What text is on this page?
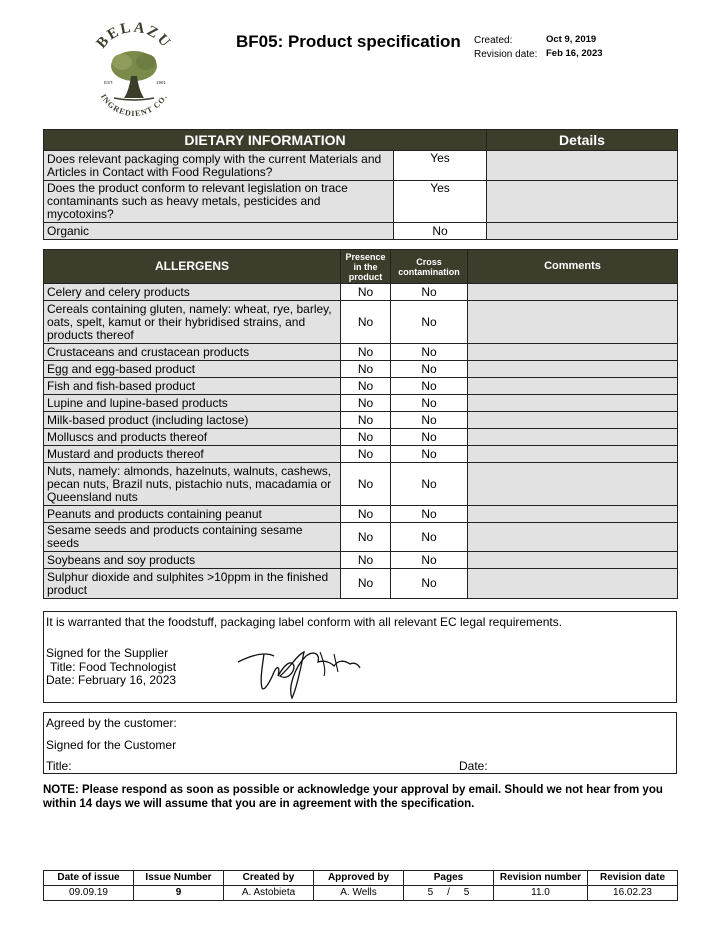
BELAZU
INGREDIENT CO.
EST.	1991
BF05: Product specification Created:	Oct 9, 2019
Revision date: Feb 16, 2023
DIETARY INFORMATION		Details
Does relevant packaging comply with the current Materials and Articles in Contact with Food Regulations?	Yes	
Does the product conform to relevant legislation on trace contaminants such as heavy metals, pesticides and mycotoxins?	Yes	
Organic	No	
ALLERGENS	Presence in the product	Cross contamination	Comments
Celery and celery products	No	No	
Cereals containing gluten, namely: wheat, rye, barley, oats, spelt, kamut or their hybridised strains, and products thereof	No	No	
Crustaceans and crustacean products	No	No	
Egg and egg-based product	No	No	
Fish and fish-based product	No	No	
Lupine and lupine-based products	No	No	
Milk-based product (including lactose)	No	No	
Molluscs and products thereof	No	No	
Mustard and products thereof	No	No	
Nuts, namely: almonds, hazelnuts, walnuts, cashews, pecan nuts, Brazil nuts, pistachio nuts, macadamia or Queensland nuts	No	No	
Peanuts and products containing peanut	No	No	
Sesame seeds and products containing sesame seeds	No	No	
Soybeans and soy products	No	No	
Sulphur dioxide and sulphites >10ppm in the finished product	No	No	
It is warranted that the foodstuff, packaging label conform with all relevant EC legal requirements.
Signed for the Supplier
Title: Food Technologist
Date: February 16, 2023
Agreed by the customer:
Signed for the Customer
Title:	Date:
NOTE: Please respond as soon as possible or acknowledge your approval by email. Should we not hear from you within 14 days we will assume that you are in agreement with the specification.
Date of issue	Issue Number	Created by	Approved by	Pages	Revision number	Revision date
09.09.19	9	A. Astobieta	A. Wells	5     /     5	11.0	16.02.23
